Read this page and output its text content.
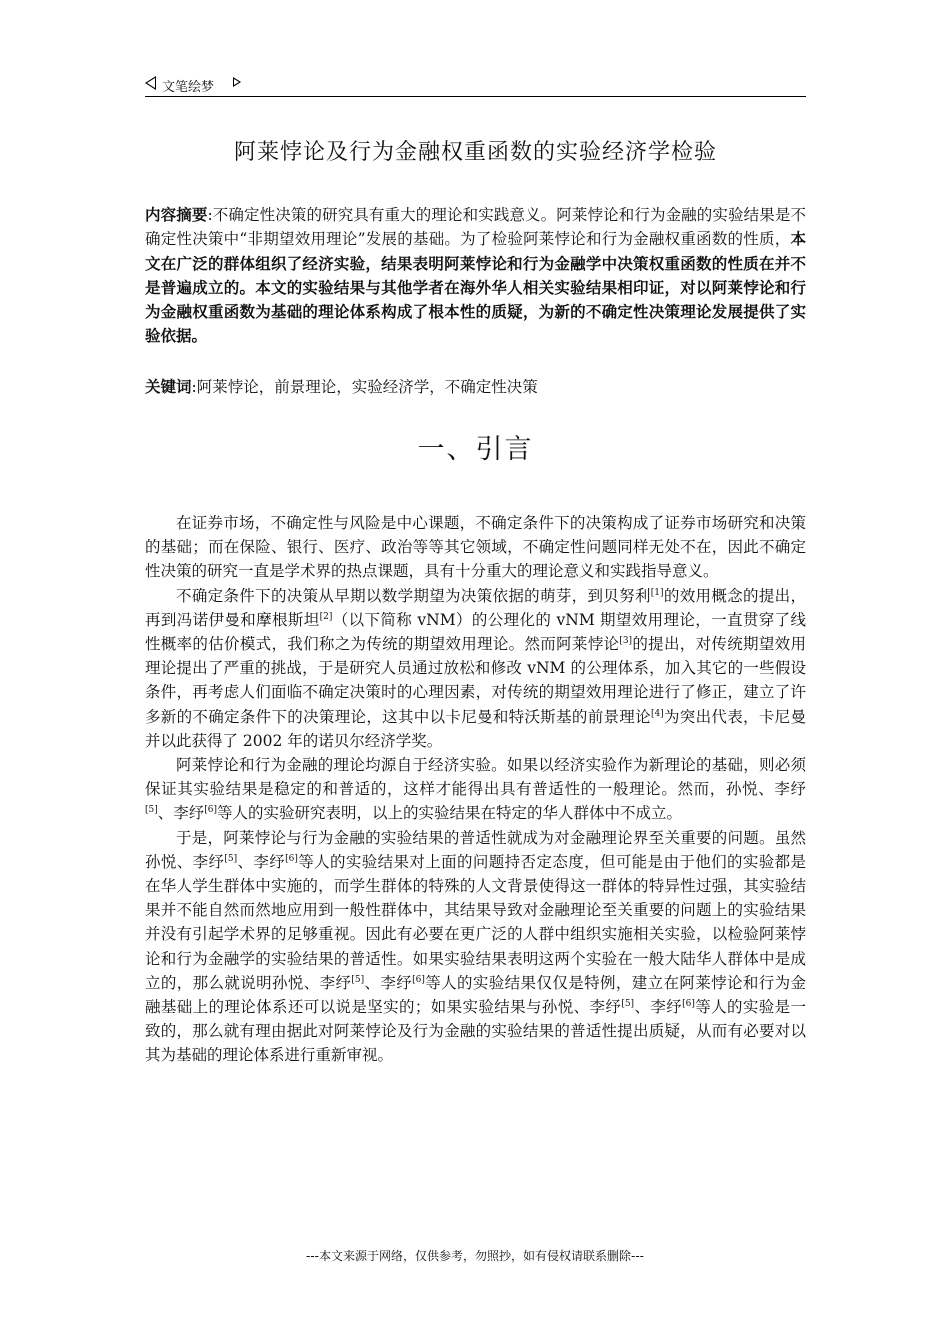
文笔绘梦
阿莱悖论及行为金融权重函数的实验经济学检验
内容摘要:不确定性决策的研究具有重大的理论和实践意义。阿莱悖论和行为金融的实验结果是不确定性决策中“非期望效用理论”发展的基础。为了检验阿莱悖论和行为金融权重函数的性质，本文在广泛的群体组织了经济实验，结果表明阿莱悖论和行为金融学中决策权重函数的性质在并不是普遍成立的。本文的实验结果与其他学者在海外华人相关实验结果相印证，对以阿莱悖论和行为金融权重函数为基础的理论体系构成了根本性的质疑，为新的不确定性决策理论发展提供了实验依据。
关键词:阿莱悖论，前景理论，实验经济学，不确定性决策
一、引言

在证券市场，不确定性与风险是中心课题，不确定条件下的决策构成了证券市场研究和决策的基础；而在保险、银行、医疗、政治等等其它领域，不确定性问题同样无处不在，因此不确定性决策的研究一直是学术界的热点课题，具有十分重大的理论意义和实践指导意义。

不确定条件下的决策从早期以数学期望为决策依据的萌芽，到贝努利[1]的效用概念的提出，再到冯诺伊曼和摩根斯坦[2]（以下简称 vNM）的公理化的 vNM 期望效用理论，一直贯穿了线性概率的估价模式，我们称之为传统的期望效用理论。然而阿莱悖论[3]的提出，对传统期望效用理论提出了严重的挑战，于是研究人员通过放松和修改 vNM 的公理体系，加入其它的一些假设条件，再考虑人们面临不确定决策时的心理因素，对传统的期望效用理论进行了修正，建立了许多新的不确定条件下的决策理论，这其中以卡尼曼和特沃斯基的前景理论[4]为突出代表，卡尼曼并以此获得了 2002 年的诺贝尔经济学奖。

阿莱悖论和行为金融的理论均源自于经济实验。如果以经济实验作为新理论的基础，则必须保证其实验结果是稳定的和普适的，这样才能得出具有普适性的一般理论。然而，孙悦、李纾[5]、李纾[6]等人的实验研究表明，以上的实验结果在特定的华人群体中不成立。

于是，阿莱悖论与行为金融的实验结果的普适性就成为对金融理论界至关重要的问题。虽然孙悦、李纾[5]、李纾[6]等人的实验结果对上面的问题持否定态度，但可能是由于他们的实验都是在华人学生群体中实施的，而学生群体的特殊的人文背景使得这一群体的特异性过强，其实验结果并不能自然而然地应用到一般性群体中，其结果导致对金融理论至关重要的问题上的实验结果并没有引起学术界的足够重视。因此有必要在更广泛的人群中组织实施相关实验，以检验阿莱悖论和行为金融学的实验结果的普适性。如果实验结果表明这两个实验在一般大陆华人群体中是成立的，那么就说明孙悦、李纾[5]、李纾[6]等人的实验结果仅仅是特例，建立在阿莱悖论和行为金融基础上的理论体系还可以说是坚实的；如果实验结果与孙悦、李纾[5]、李纾[6]等人的实验是一致的，那么就有理由据此对阿莱悖论及行为金融的实验结果的普适性提出质疑，从而有必要对以其为基础的理论体系进行重新审视。

---本文来源于网络，仅供参考，勿照抄，如有侵权请联系删除---
